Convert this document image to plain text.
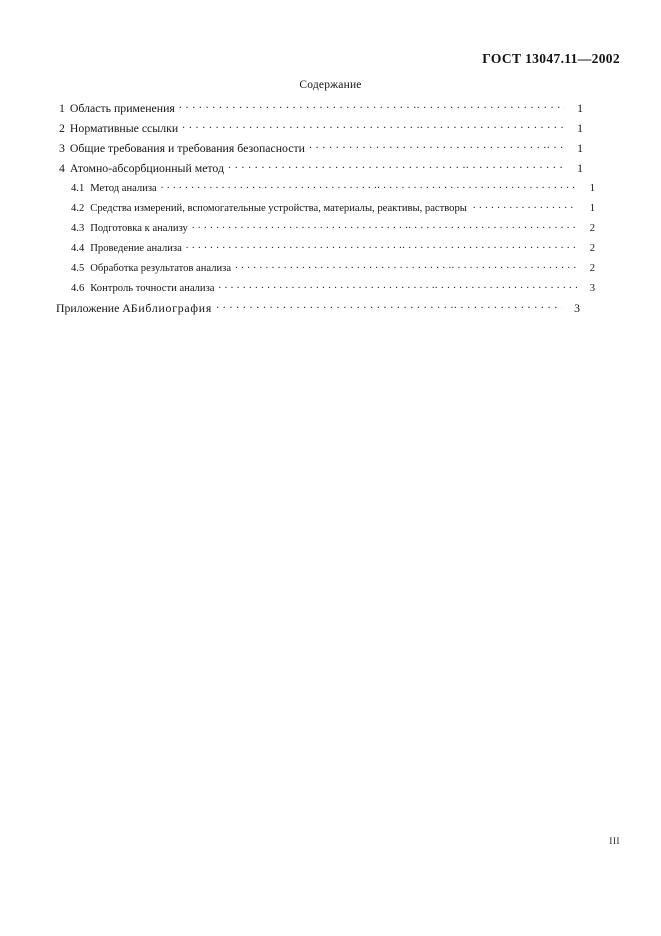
ГОСТ 13047.11—2002
Содержание
1 Область применения . . .	1
2 Нормативные ссылки . . .	1
3 Общие требования и требования безопасности . . .	1
4 Атомно-абсорбционный метод . . .	1
4.1 Метод анализа . . .	1
4.2 Средства измерений, вспомогательные устройства, материалы, реактивы, растворы . . .	1
4.3 Подготовка к анализу . . .	2
4.4 Проведение анализа . . .	2
4.5 Обработка результатов анализа . . .	2
4.6 Контроль точности анализа . . .	3
Приложение А Библиография . . .	3
III
